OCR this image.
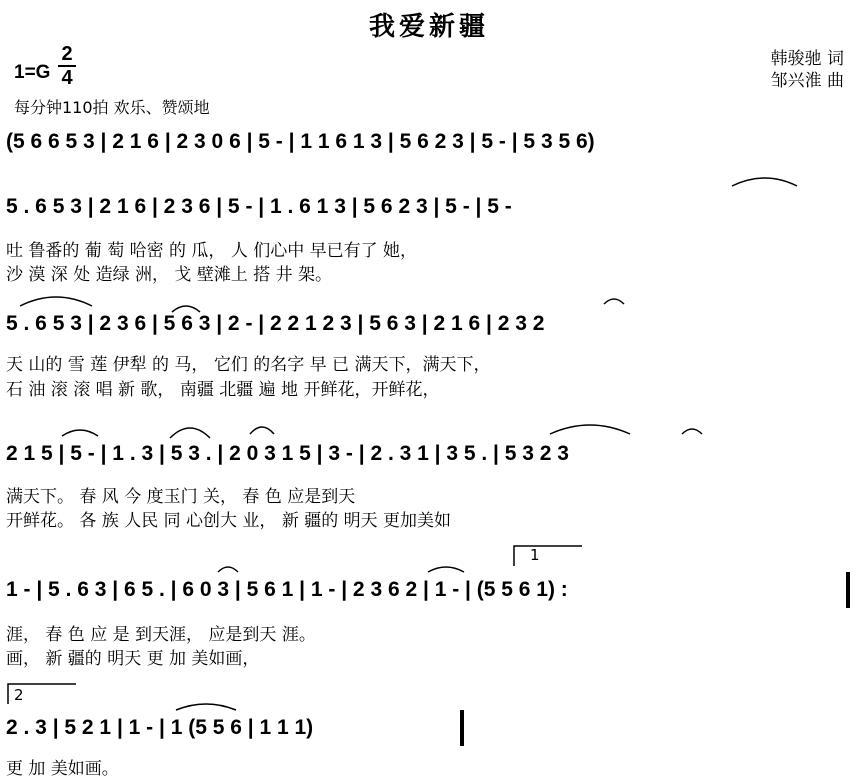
我爱新疆
1=G
2
4
韩骏驰 词
邹兴淮 曲
每分钟110拍 欢乐、赞颂地
(5 6 6 5 3 | 2 1 6 | 2 3 0 6 | 5 - | 1 1 6 1 3 | 5 6 2 3 | 5 - | 5 3 5 6)
5 . 6 5 3 | 2 1 6 | 2 3 6 | 5 - | 1 . 6 1 3 | 5 6 2 3 | 5 - | 5 -
吐 鲁番的 葡 萄 哈密 的 瓜， 人 们心中 早已有了 她，
沙 漠 深 处 造绿 洲， 戈 壁滩上 搭 井 架。
5 . 6 5 3 | 2 3 6 | 5 6 3 | 2 - | 2 2 1 2 3 | 5 6 3 | 2 1 6 | 2 3 2
天 山的 雪 莲 伊犁 的 马， 它们 的名字 早 已 满天下，满天下，
石 油 滚 滚 唱 新 歌， 南疆 北疆 遍 地 开鲜花，开鲜花，
2 1 5 | 5 - | 1 . 3 | 5 3 . | 2 0 3 1 5 | 3 - | 2 . 3 1 | 3 5 . | 5 3 2 3
满天下。 春 风 今 度玉门 关， 春 色 应是到天
开鲜花。 各 族 人民 同 心创大 业， 新 疆的 明天 更加美如
1
1 - | 5 . 6 3 | 6 5 . | 6 0 3 | 5 6 1 | 1 - | 2 3 6 2 | 1 - | (5 5 6 1) :
涯， 春 色 应 是 到天涯， 应是到天 涯。
画， 新 疆的 明天 更 加 美如画，
2
2 . 3 | 5 2 1 | 1 - | 1 (5 5 6 | 1 1 1)
更 加 美如画。
